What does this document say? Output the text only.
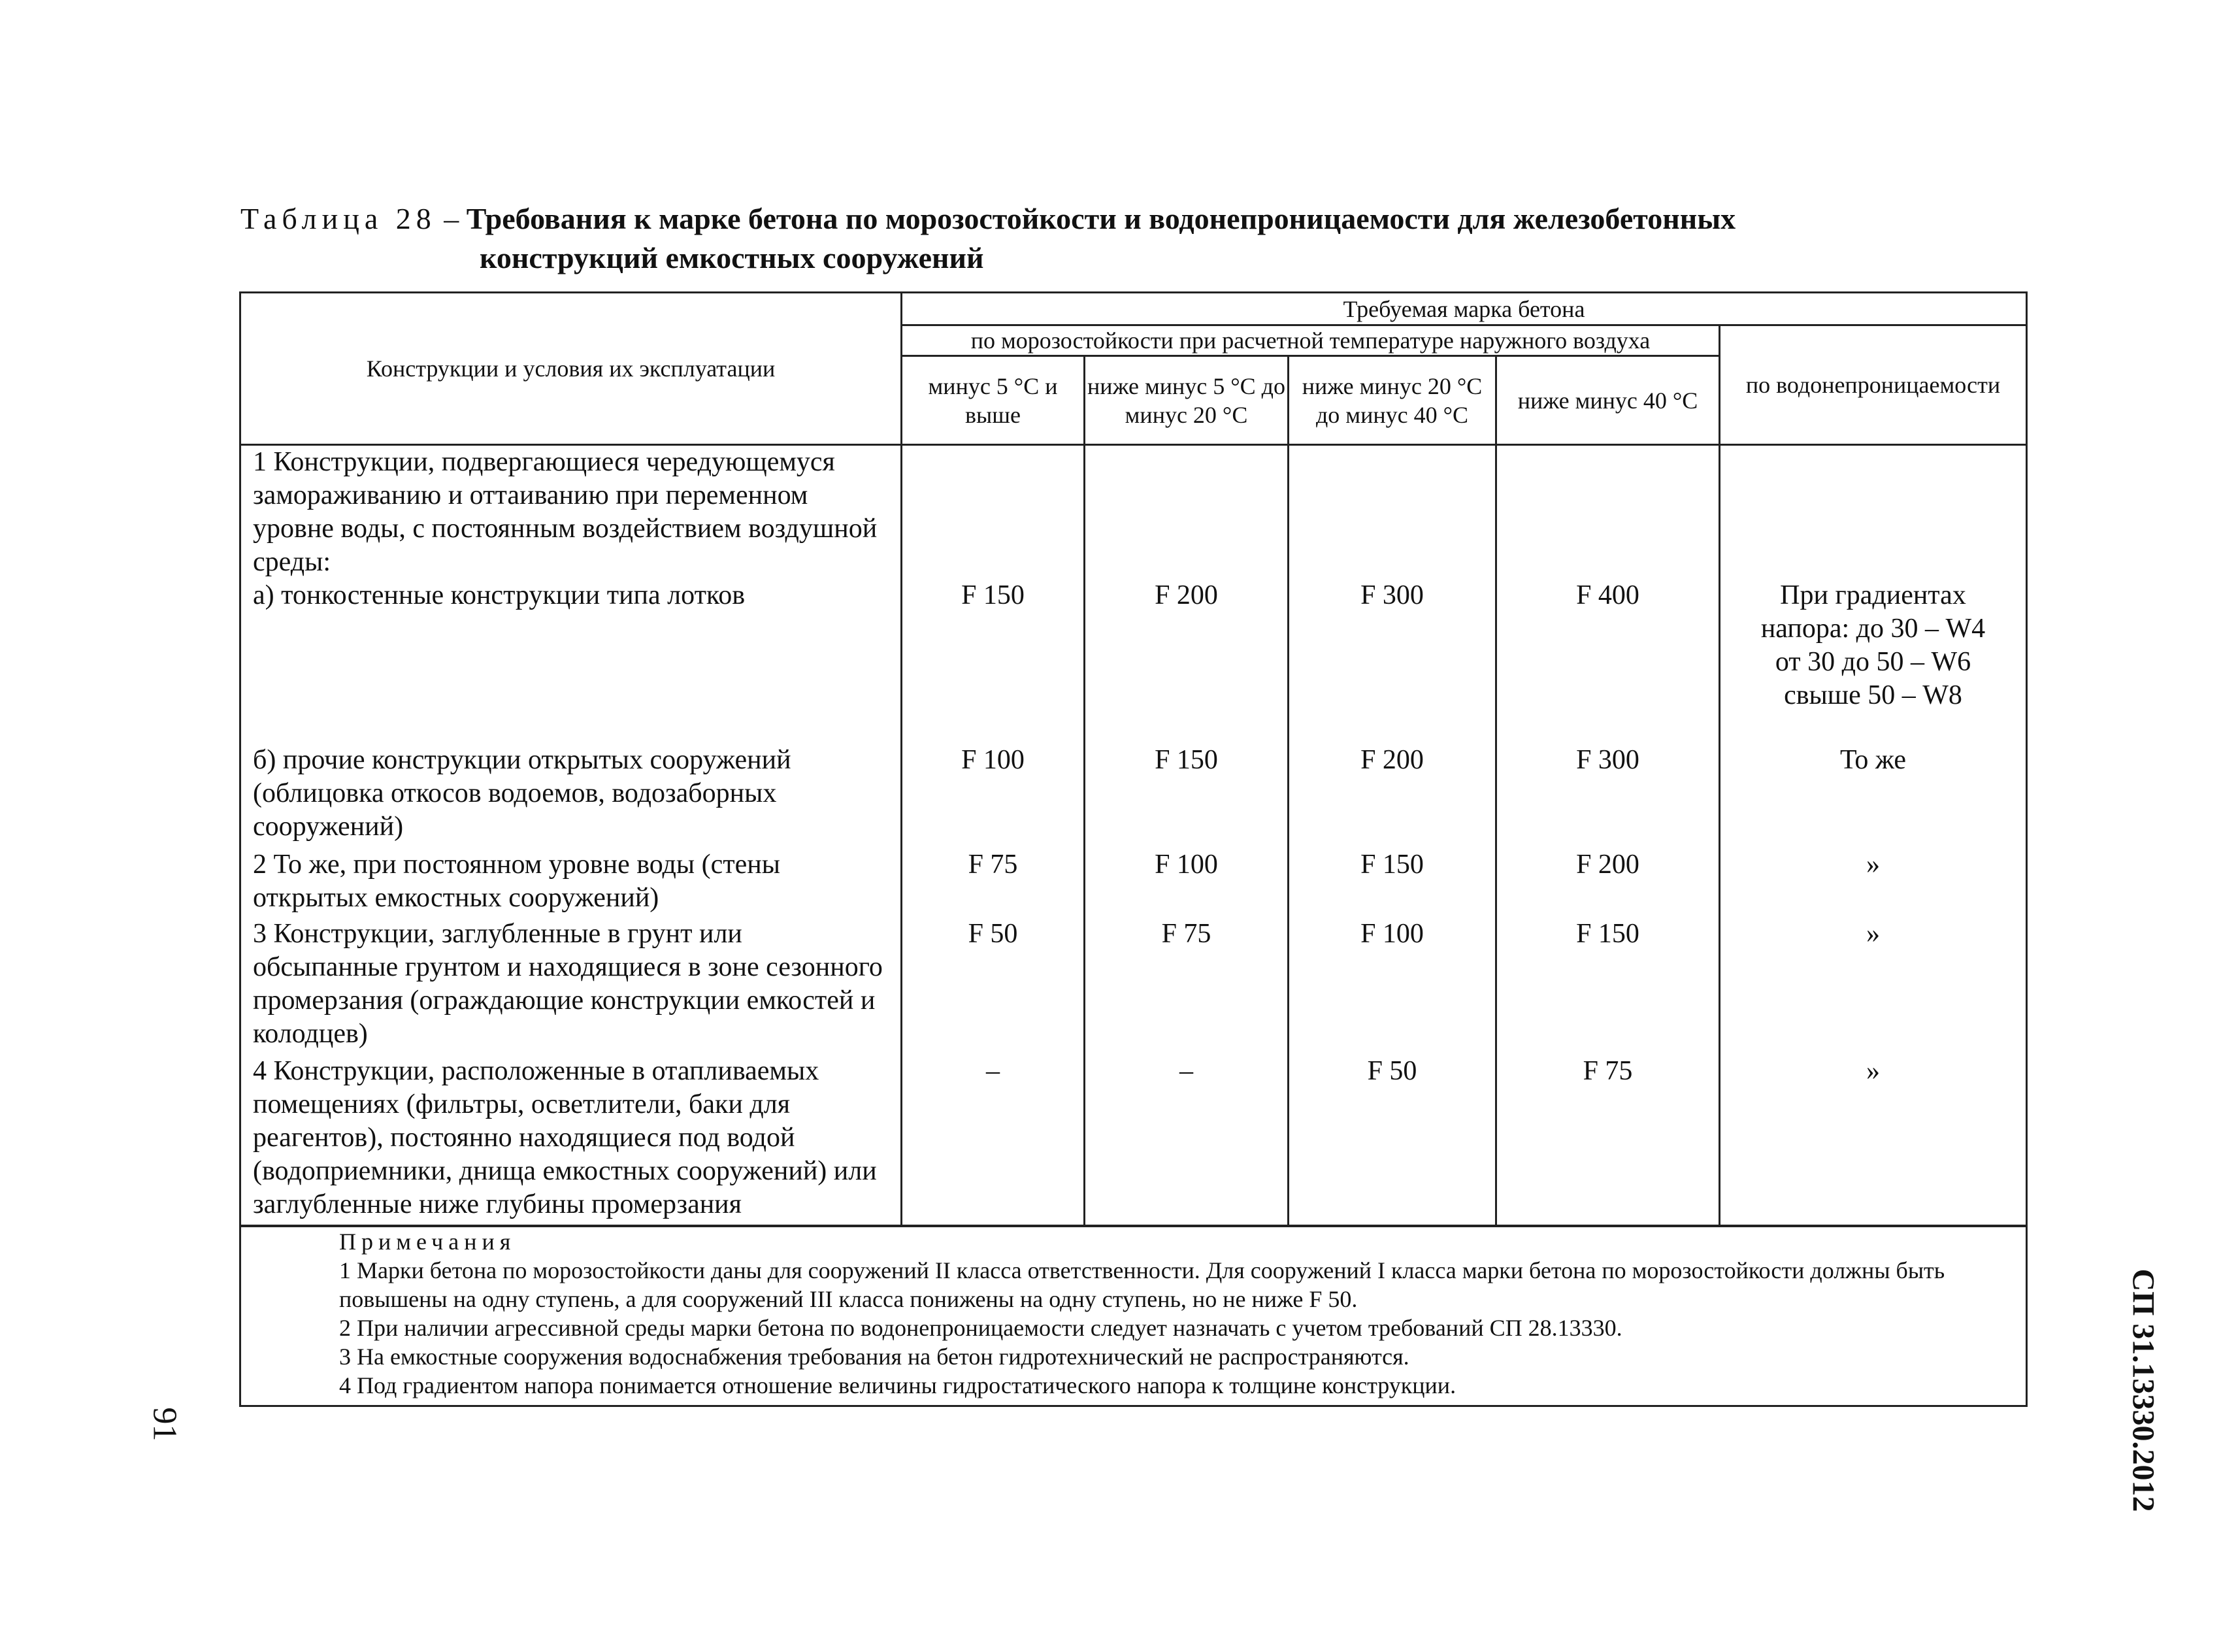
Таблица 28 – Требования к марке бетона по морозостойкости и водонепроницаемости для железобетонных
конструкций емкостных сооружений
Конструкции и условия их эксплуатации	Требуемая марка бетона				
	по морозостойкости при расчетной температуре наружного воздуха				по водонепроницаемости
	минус 5 °С и выше	ниже минус 5 °С до минус 20 °С	ниже минус 20 °С до минус 40 °С	ниже минус 40 °С	
1 Конструкции, подвергающиеся чередующемуся замораживанию и оттаиванию при переменном уровне воды, с постоянным воздействием воздушной среды:					
а) тонкостенные конструкции типа лотков	F 150	F 200	F 300	F 400	При градиентах напора: до 30 – W4 от 30 до 50 – W6 свыше 50 – W8
б) прочие конструкции открытых сооружений (облицовка откосов водоемов, водозаборных сооружений)	F 100	F 150	F 200	F 300	То же
2 То же, при постоянном уровне воды (стены открытых емкостных сооружений)	F 75	F 100	F 150	F 200	»
3 Конструкции, заглубленные в грунт или обсыпанные грунтом и находящиеся в зоне сезонного промерзания (ограждающие конструкции емкостей и колодцев)	F 50	F 75	F 100	F 150	»
4 Конструкции, расположенные в отапливаемых помещениях (фильтры, осветлители, баки для реагентов), постоянно находящиеся под водой (водоприемники, днища емкостных сооружений) или заглубленные ниже глубины промерзания	–	–	F 50	F 75	»

Примечания
1 Марки бетона по морозостойкости даны для сооружений II класса ответственности. Для сооружений I класса марки бетона по морозостойкости должны быть повышены на одну ступень, а для сооружений III класса понижены на одну ступень, но не ниже F 50.
2 При наличии агрессивной среды марки бетона по водонепроницаемости следует назначать с учетом требований СП 28.13330.
3 На емкостные сооружения водоснабжения требования на бетон гидротехнический не распространяются.
4 Под градиентом напора понимается отношение величины гидростатического напора к толщине конструкции.					
91	СП 31.13330.2012
